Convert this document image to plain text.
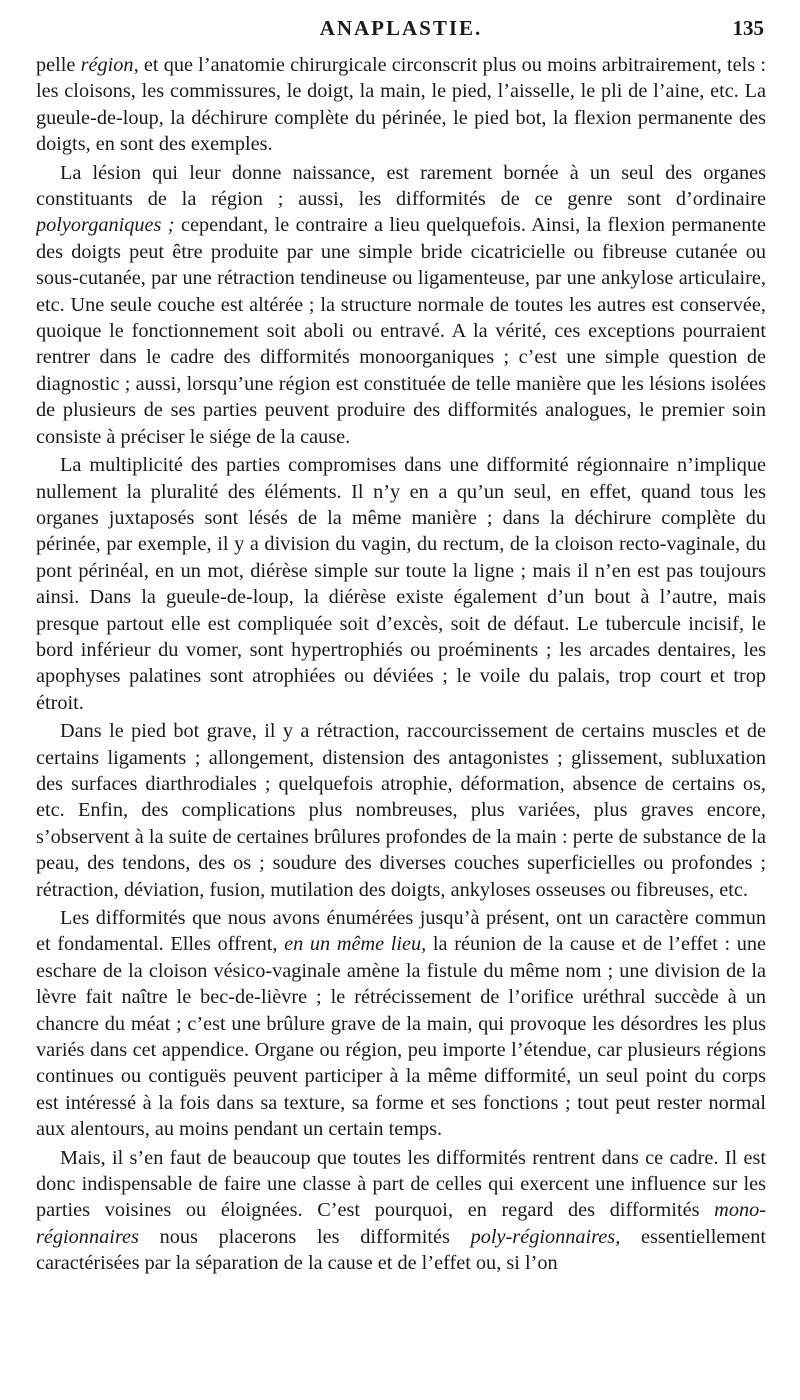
ANAPLASTIE.	135

pelle région, et que l’anatomie chirurgicale circonscrit plus ou moins arbitrairement, tels : les cloisons, les commissures, le doigt, la main, le pied, l’aisselle, le pli de l’aine, etc. La gueule-de-loup, la déchirure complète du périnée, le pied bot, la flexion permanente des doigts, en sont des exemples.

La lésion qui leur donne naissance, est rarement bornée à un seul des organes constituants de la région ; aussi, les difformités de ce genre sont d’ordinaire polyorganiques ; cependant, le contraire a lieu quelquefois. Ainsi, la flexion permanente des doigts peut être produite par une simple bride cicatricielle ou fibreuse cutanée ou sous-cutanée, par une rétraction tendineuse ou ligamenteuse, par une ankylose articulaire, etc. Une seule couche est altérée ; la structure normale de toutes les autres est conservée, quoique le fonctionnement soit aboli ou entravé. A la vérité, ces exceptions pourraient rentrer dans le cadre des difformités monoorganiques ; c’est une simple question de diagnostic ; aussi, lorsqu’une région est constituée de telle manière que les lésions isolées de plusieurs de ses parties peuvent produire des difformités analogues, le premier soin consiste à préciser le siége de la cause.

La multiplicité des parties compromises dans une difformité régionnaire n’implique nullement la pluralité des éléments. Il n’y en a qu’un seul, en effet, quand tous les organes juxtaposés sont lésés de la même manière ; dans la déchirure complète du périnée, par exemple, il y a division du vagin, du rectum, de la cloison recto-vaginale, du pont périnéal, en un mot, diérèse simple sur toute la ligne ; mais il n’en est pas toujours ainsi. Dans la gueule-de-loup, la diérèse existe également d’un bout à l’autre, mais presque partout elle est compliquée soit d’excès, soit de défaut. Le tubercule incisif, le bord inférieur du vomer, sont hypertrophiés ou proéminents ; les arcades dentaires, les apophyses palatines sont atrophiées ou déviées ; le voile du palais, trop court et trop étroit.

Dans le pied bot grave, il y a rétraction, raccourcissement de certains muscles et de certains ligaments ; allongement, distension des antagonistes ; glissement, subluxation des surfaces diarthrodiales ; quelquefois atrophie, déformation, absence de certains os, etc. Enfin, des complications plus nombreuses, plus variées, plus graves encore, s’observent à la suite de certaines brûlures profondes de la main : perte de substance de la peau, des tendons, des os ; soudure des diverses couches superficielles ou profondes ; rétraction, déviation, fusion, mutilation des doigts, ankyloses osseuses ou fibreuses, etc.

Les difformités que nous avons énumérées jusqu’à présent, ont un caractère commun et fondamental. Elles offrent, en un même lieu, la réunion de la cause et de l’effet : une eschare de la cloison vésico-vaginale amène la fistule du même nom ; une division de la lèvre fait naître le bec-de-lièvre ; le rétrécissement de l’orifice uréthral succède à un chancre du méat ; c’est une brûlure grave de la main, qui provoque les désordres les plus variés dans cet appendice. Organe ou région, peu importe l’étendue, car plusieurs régions continues ou contiguës peuvent participer à la même difformité, un seul point du corps est intéressé à la fois dans sa texture, sa forme et ses fonctions ; tout peut rester normal aux alentours, au moins pendant un certain temps.

Mais, il s’en faut de beaucoup que toutes les difformités rentrent dans ce cadre. Il est donc indispensable de faire une classe à part de celles qui exercent une influence sur les parties voisines ou éloignées. C’est pourquoi, en regard des difformités mono-régionnaires nous placerons les difformités poly-régionnaires, essentiellement caractérisées par la séparation de la cause et de l’effet ou, si l’on
